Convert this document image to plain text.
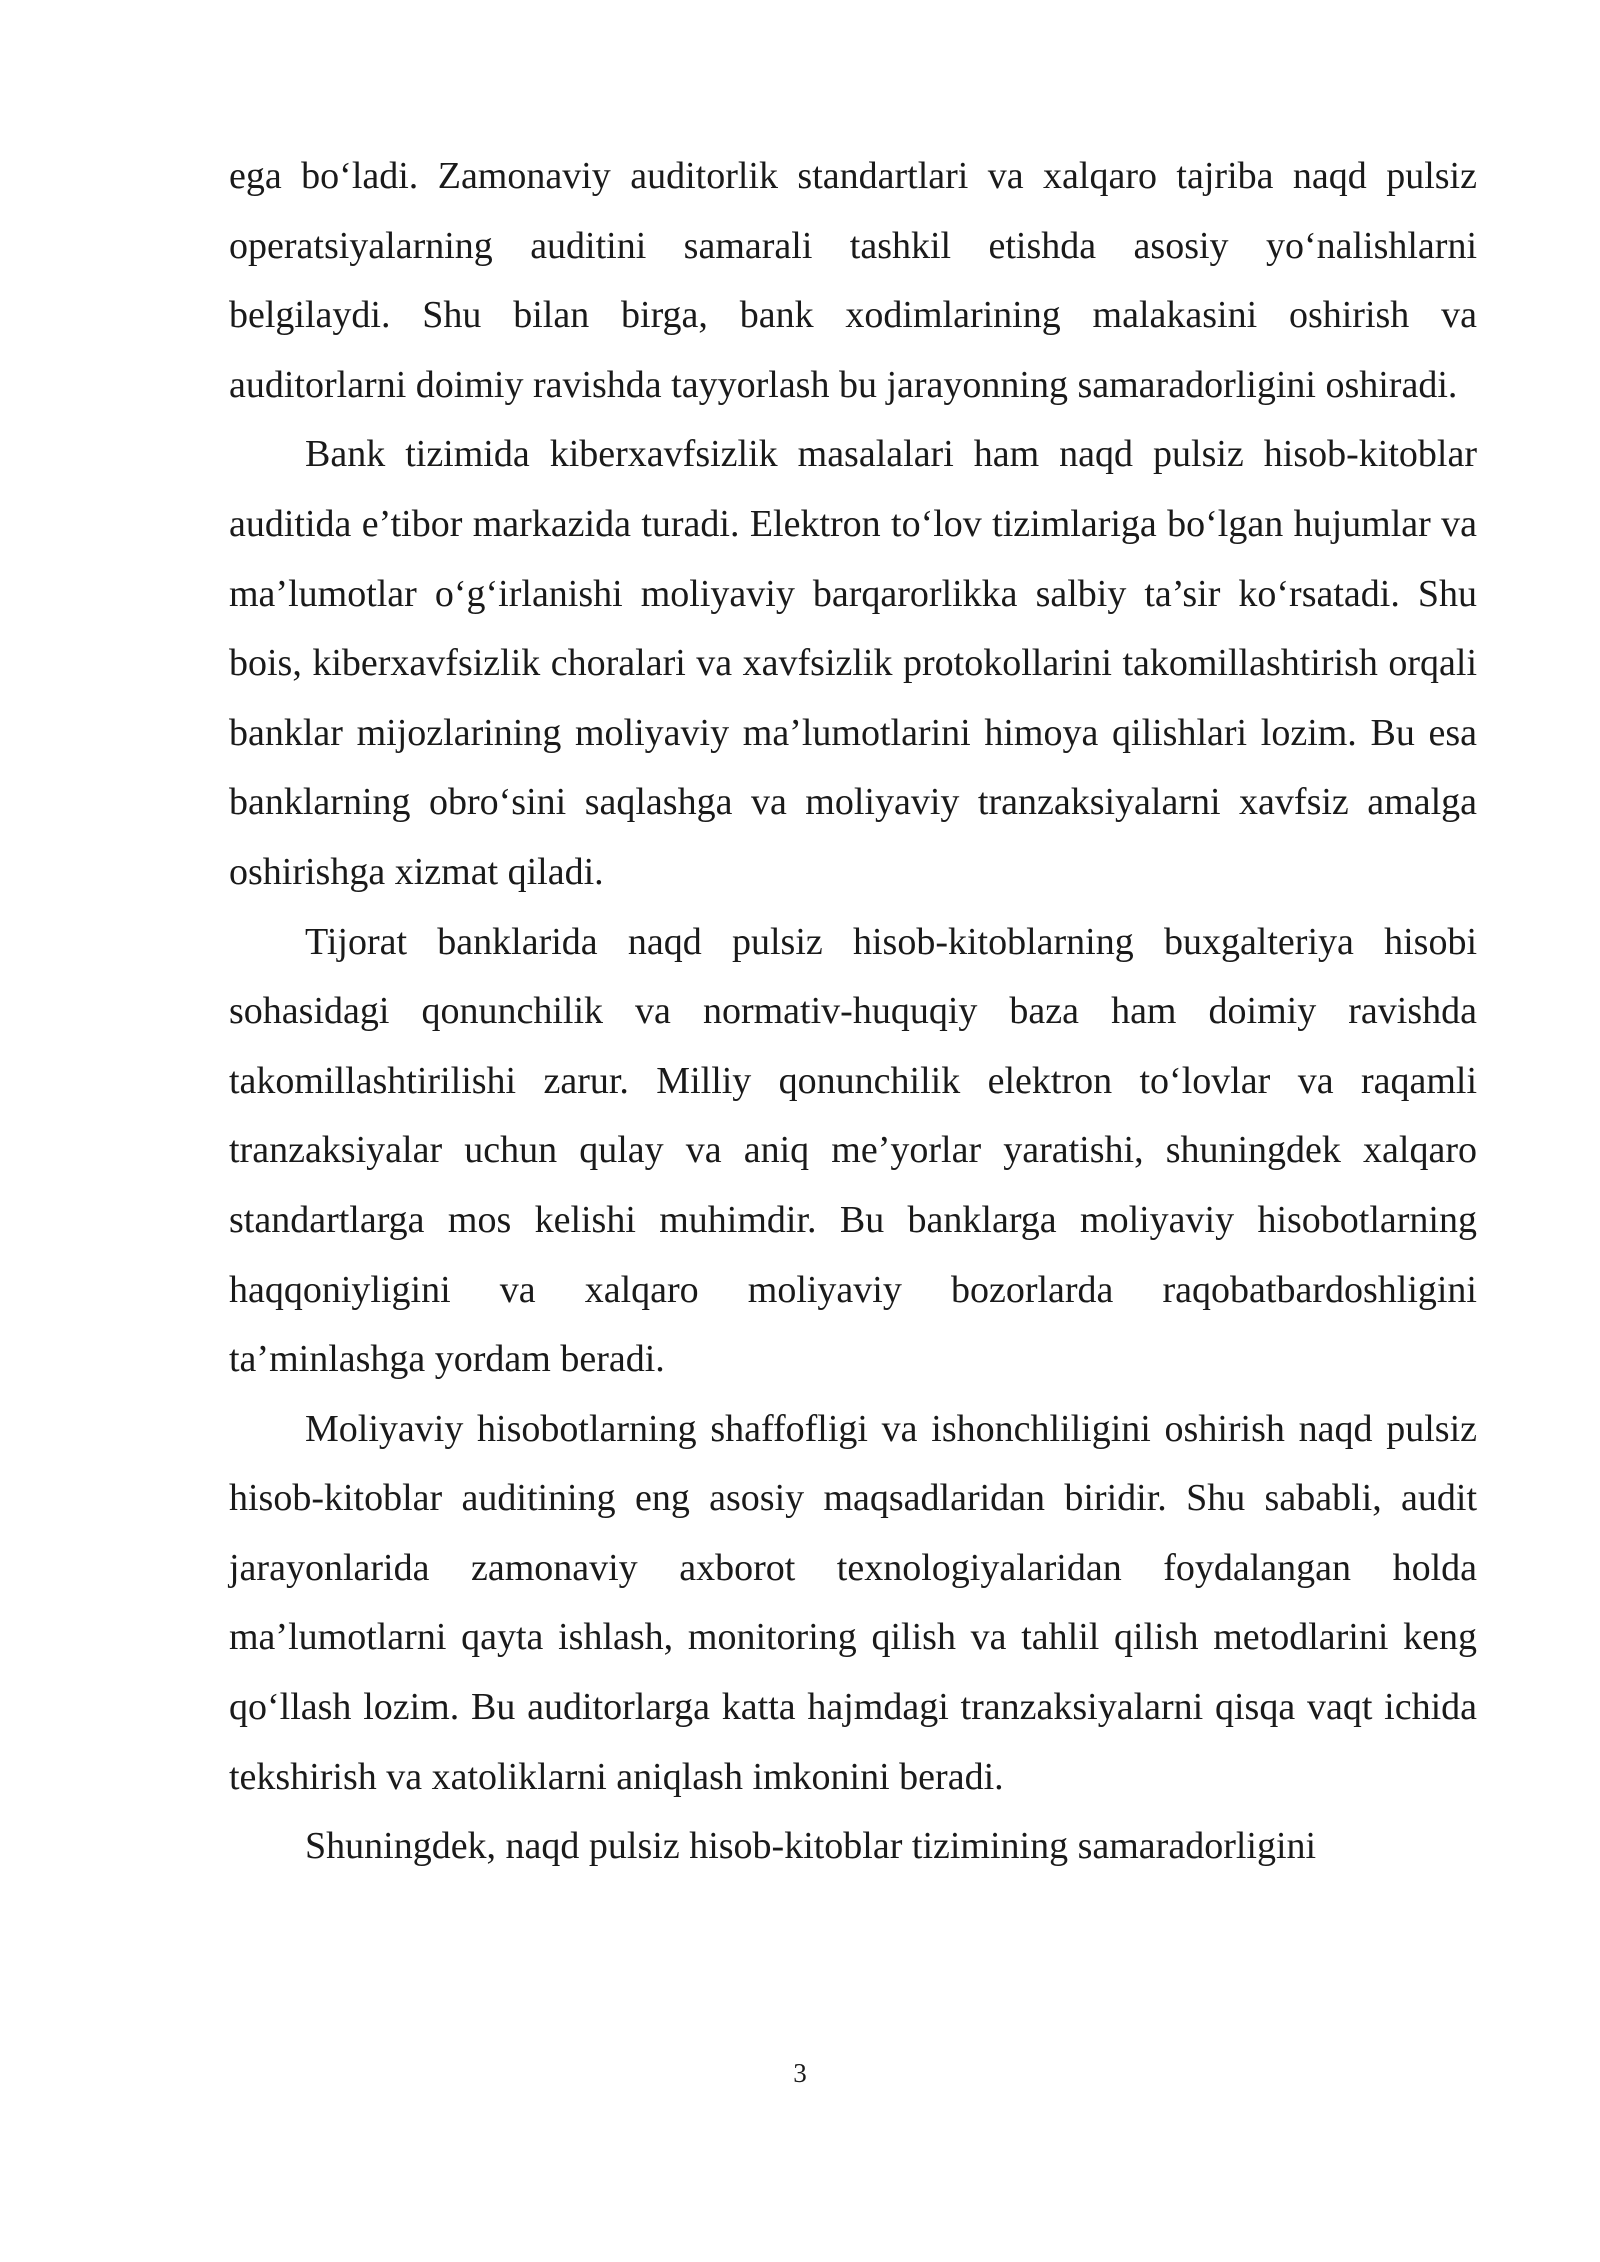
ega bo‘ladi. Zamonaviy auditorlik standartlari va xalqaro tajriba naqd pulsiz operatsiyalarning auditini samarali tashkil etishda asosiy yo‘nalishlarni belgilaydi. Shu bilan birga, bank xodimlarining malakasini oshirish va auditorlarni doimiy ravishda tayyorlash bu jarayonning samaradorligini oshiradi.

Bank tizimida kiberxavfsizlik masalalari ham naqd pulsiz hisob-kitoblar auditida e’tibor markazida turadi. Elektron to‘lov tizimlariga bo‘lgan hujumlar va ma’lumotlar o‘g‘irlanishi moliyaviy barqarorlikka salbiy ta’sir ko‘rsatadi. Shu bois, kiberxavfsizlik choralari va xavfsizlik protokollarini takomillashtirish orqali banklar mijozlarining moliyaviy ma’lumotlarini himoya qilishlari lozim. Bu esa banklarning obro‘sini saqlashga va moliyaviy tranzaksiyalarni xavfsiz amalga oshirishga xizmat qiladi.

Tijorat banklarida naqd pulsiz hisob-kitoblarning buxgalteriya hisobi sohasidagi qonunchilik va normativ-huquqiy baza ham doimiy ravishda takomillashtirilishi zarur. Milliy qonunchilik elektron to‘lovlar va raqamli tranzaksiyalar uchun qulay va aniq me’yorlar yaratishi, shuningdek xalqaro standartlarga mos kelishi muhimdir. Bu banklarga moliyaviy hisobotlarning haqqoniyligini va xalqaro moliyaviy bozorlarda raqobatbardoshligini ta’minlashga yordam beradi.

Moliyaviy hisobotlarning shaffofligi va ishonchliligini oshirish naqd pulsiz hisob-kitoblar auditining eng asosiy maqsadlaridan biridir. Shu sababli, audit jarayonlarida zamonaviy axborot texnologiyalaridan foydalangan holda ma’lumotlarni qayta ishlash, monitoring qilish va tahlil qilish metodlarini keng qo‘llash lozim. Bu auditorlarga katta hajmdagi tranzaksiyalarni qisqa vaqt ichida tekshirish va xatoliklarni aniqlash imkonini beradi.

Shuningdek, naqd pulsiz hisob-kitoblar tizimining samaradorligini

3
